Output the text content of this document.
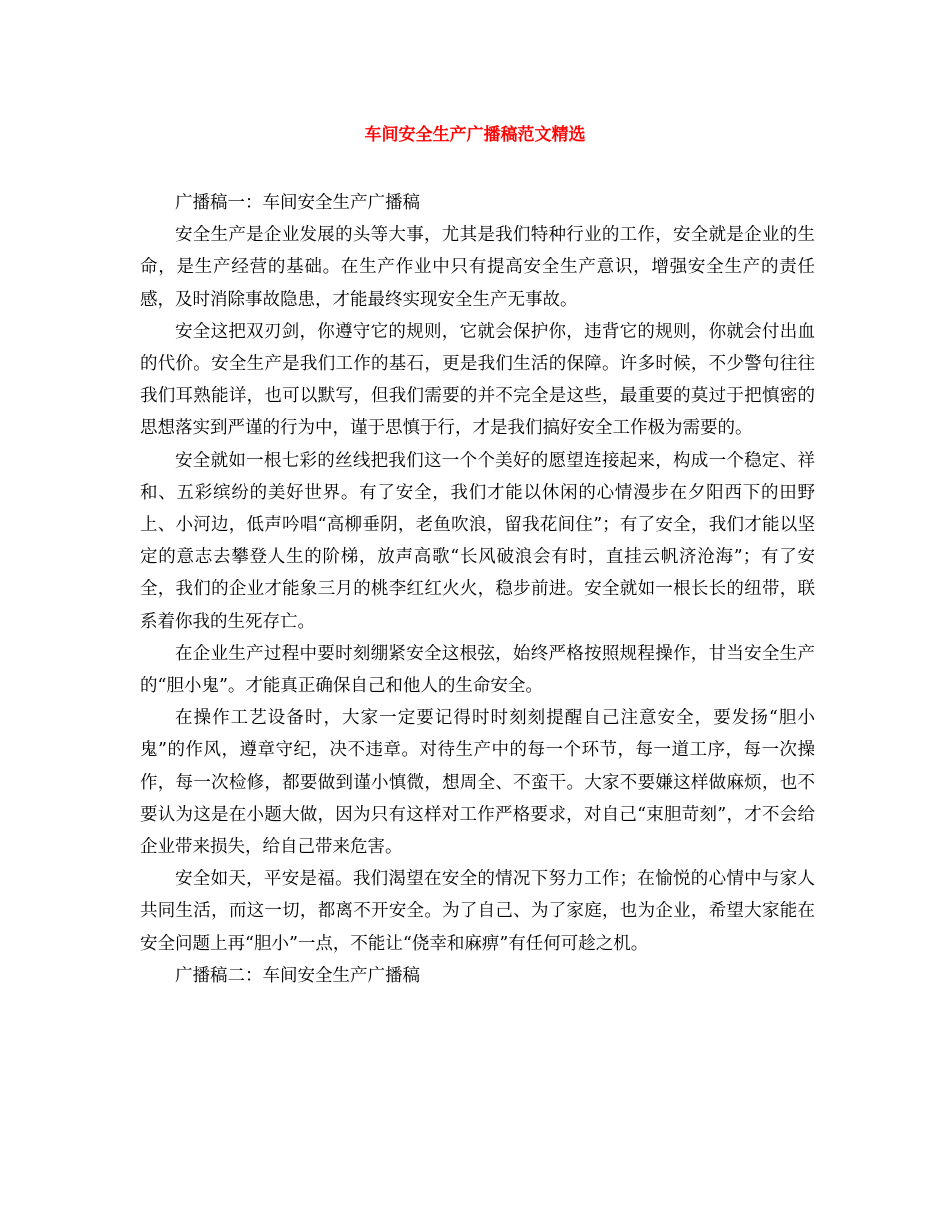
车间安全生产广播稿范文精选

广播稿一：车间安全生产广播稿

安全生产是企业发展的头等大事，尤其是我们特种行业的工作，安全就是企业的生命，是生产经营的基础。在生产作业中只有提高安全生产意识，增强安全生产的责任感，及时消除事故隐患，才能最终实现安全生产无事故。

安全这把双刃剑，你遵守它的规则，它就会保护你，违背它的规则，你就会付出血的代价。安全生产是我们工作的基石，更是我们生活的保障。许多时候，不少警句往往我们耳熟能详，也可以默写，但我们需要的并不完全是这些，最重要的莫过于把慎密的思想落实到严谨的行为中，谨于思慎于行，才是我们搞好安全工作极为需要的。

安全就如一根七彩的丝线把我们这一个个美好的愿望连接起来，构成一个稳定、祥和、五彩缤纷的美好世界。有了安全，我们才能以休闲的心情漫步在夕阳西下的田野上、小河边，低声吟唱“高柳垂阴，老鱼吹浪，留我花间住”；有了安全，我们才能以坚定的意志去攀登人生的阶梯，放声高歌“长风破浪会有时，直挂云帆济沧海”；有了安全，我们的企业才能象三月的桃李红红火火，稳步前进。安全就如一根长长的纽带，联系着你我的生死存亡。

在企业生产过程中要时刻绷紧安全这根弦，始终严格按照规程操作，甘当安全生产的“胆小鬼”。才能真正确保自己和他人的生命安全。

在操作工艺设备时，大家一定要记得时时刻刻提醒自己注意安全，要发扬“胆小鬼”的作风，遵章守纪，决不违章。对待生产中的每一个环节，每一道工序，每一次操作，每一次检修，都要做到谨小慎微，想周全、不蛮干。大家不要嫌这样做麻烦，也不要认为这是在小题大做，因为只有这样对工作严格要求，对自己“束胆苛刻”，才不会给企业带来损失，给自己带来危害。

安全如天，平安是福。我们渴望在安全的情况下努力工作；在愉悦的心情中与家人共同生活，而这一切，都离不开安全。为了自己、为了家庭，也为企业，希望大家能在安全问题上再“胆小”一点，不能让“侥幸和麻痹”有任何可趁之机。

广播稿二：车间安全生产广播稿
